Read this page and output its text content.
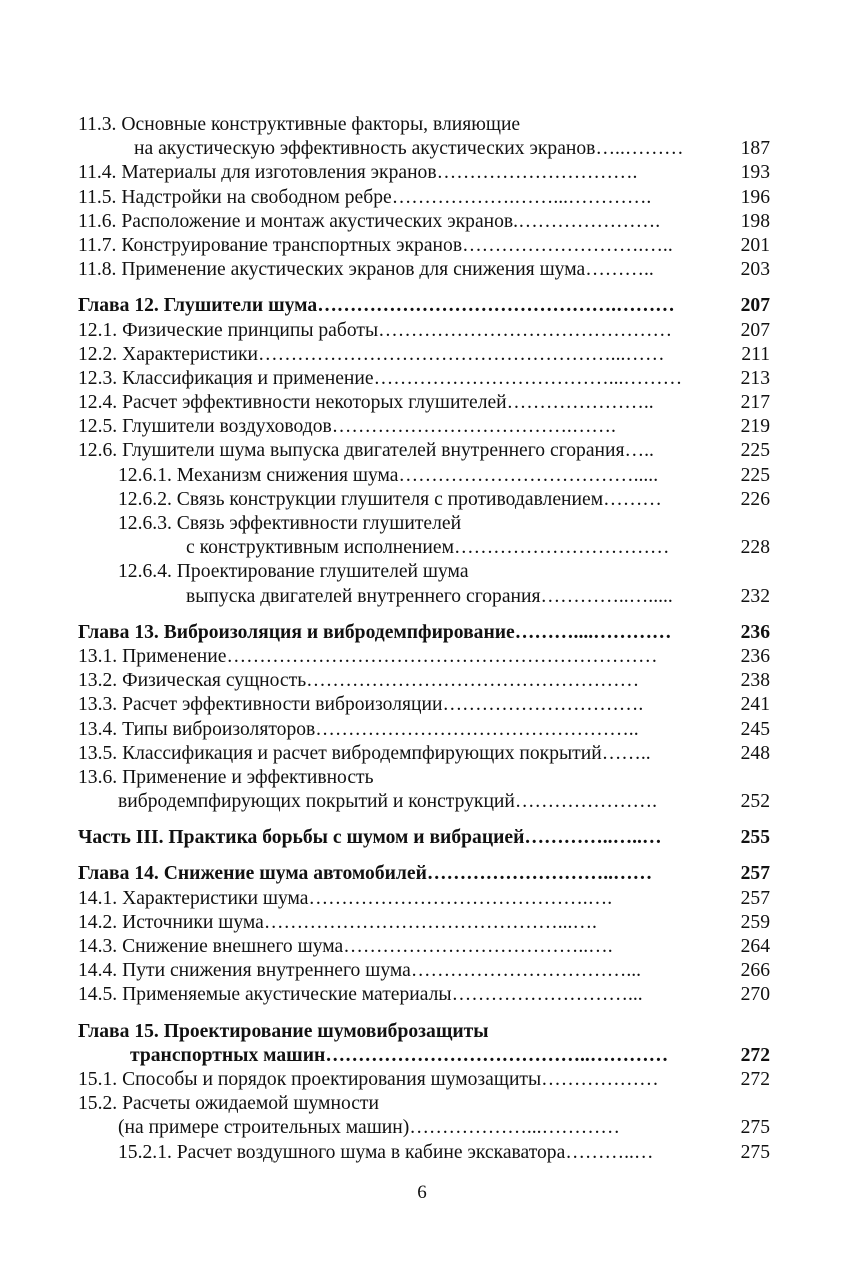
11.3. Основные конструктивные факторы, влияющие
на акустическую эффективность акустических экранов …..………	187
11.4. Материалы для изготовления экранов ………………………….	193
11.5. Надстройки на свободном ребре ……………….……...………….	196
11.6. Расположение и монтаж акустических экранов. ………………….	198
11.7. Конструирование транспортных экранов ……………………….…..	201
11.8. Применение акустических экранов для снижения шума ………..	203
Глава 12. Глушители шума ……………………………………….………	207
12.1. Физические принципы работы ………………………………………	207
12.2. Характеристики ………………………………………………...……	211
12.3. Классификация и применение ………………………………...………	213
12.4. Расчет эффективности некоторых глушителей …………………..	217
12.5. Глушители воздуховодов ……………………………….…….	219
12.6. Глушители шума выпуска двигателей внутреннего сгорания …..	225
12.6.1. Механизм снижения шума ……………………………….....	225
12.6.2. Связь конструкции глушителя с противодавлением ………	226
12.6.3. Связь эффективности глушителей
с конструктивным исполнением ……………………………	228
12.6.4. Проектирование глушителей шума
выпуска двигателей внутреннего сгорания …………..….....	232
Глава 13. Виброизоляция и вибродемпфирование ………....…………	236
13.1. Применение …………………………………………………………	236
13.2. Физическая сущность ……………………………………………	238
13.3. Расчет эффективности виброизоляции ………………………….	241
13.4. Типы виброизоляторов …………………………………………..	245
13.5. Классификация и расчет вибродемпфирующих покрытий ……..	248
13.6. Применение и эффективность
вибродемпфирующих покрытий и конструкций ………………….	252
Часть III. Практика борьбы с шумом и вибрацией …………..…..…	255
Глава 14. Снижение шума автомобилей ………………………..……	257
14.1. Характеристики шума …………………………………….….	257
14.2. Источники шума ………………………………………...….	259
14.3. Снижение внешнего шума ………………………………..….	264
14.4. Пути снижения внутреннего шума ……………………………...	266
14.5. Применяемые акустические материалы ………………………...	270
Глава 15. Проектирование шумовиброзащиты
транспортных машин …………………………………..…………	272
15.1. Способы и порядок проектирования шумозащиты ………………	272
15.2. Расчеты ожидаемой шумности
(на примере строительных машин) ………………...…………	275
15.2.1. Расчет воздушного шума в кабине экскаватора ………..…	275
6
